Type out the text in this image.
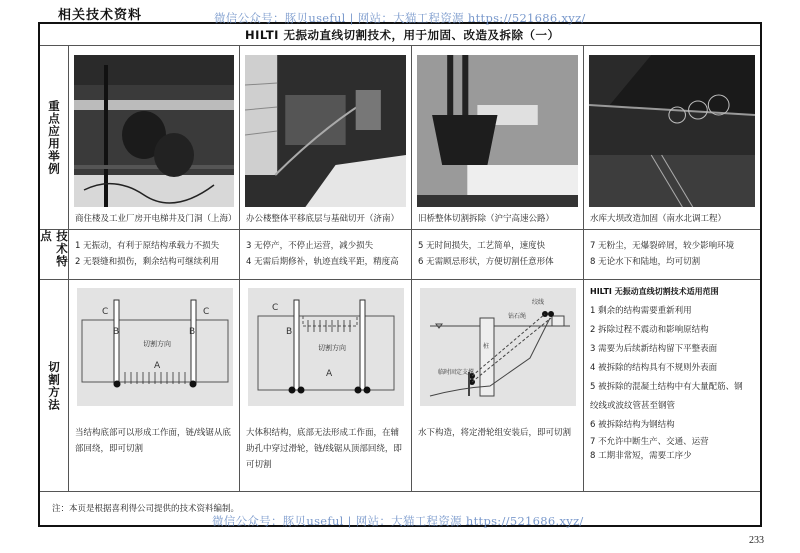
相关技术资料
HILTI 无振动直线切割技术，用于加固、改造及拆除（一）
重点应用举例
商住楼及工业厂房开电梯井及门洞（上海） 办公楼整体平移底层与基础切开（济南） 旧桥整体切割拆除（沪宁高速公路）	水库大坝改造加固（南水北调工程）
技术特点
1 无振动，有利于原结构承载力不损失
2 无裂缝和损伤，剩余结构可继续利用
3 无停产，不停止运营，减少损失
4 无需后期修补，轨迹直线平距，精度高
5 无时间损失，工艺简单，速度快
6 无需顾忌形状，方便切割任意形体
7 无粉尘，无爆裂碎屑，较少影响环境
8 无论水下和陆地，均可切割
切割方法
C
B
切割方向
A
B
C
当结构底部可以形成工作面，链/线锯从底部回绕，即可切割
C
B
切割方向
A
大体积结构，底部无法形成工作面，在辅助孔中穿过滑轮，链/线锯从顶部回绕，即可切割
绞线
钻石绳
桩
临时固定支撑
水下构造，将定滑轮组安装后，即可切割
HILTI 无振动直线切割技术适用范围
1 剩余的结构需要重新利用
2 拆除过程不震动和影响原结构
3 需要为后续新结构留下平整表面
4 被拆除的结构具有不规则外表面
5 被拆除的混凝土结构中有大量配筋、钢
绞线或波纹管甚至钢管
6 被拆除结构为钢结构
7 不允许中断生产、交通、运营
8 工期非常短，需要工序少
注：本页是根据喜利得公司提供的技术资料编制。
微信公众号：豚贝useful | 网站：大猫工程资源 https://521686.xyz/
微信公众号：豚贝useful | 网站：大猫工程资源 https://521686.xyz/
233
